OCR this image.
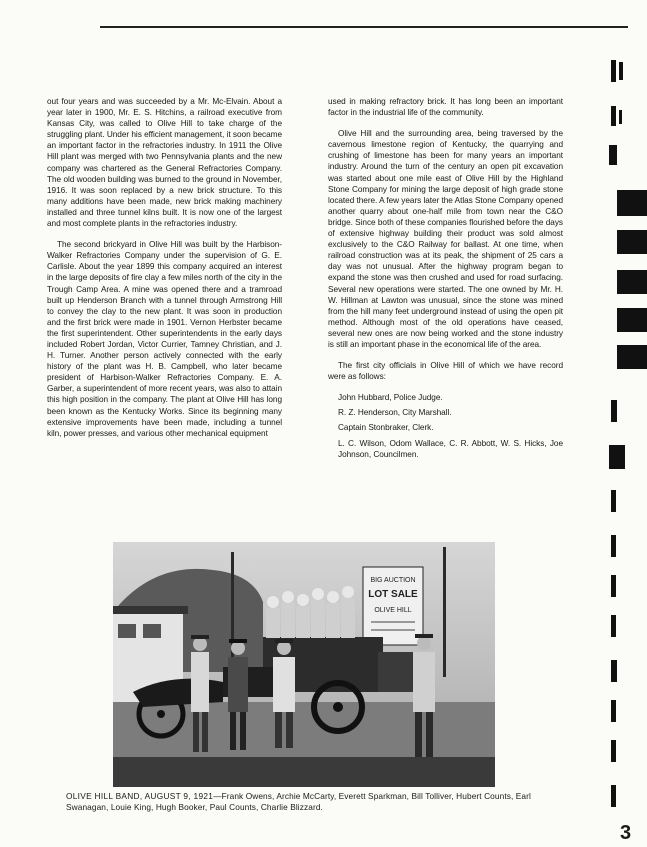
out four years and was succeeded by a Mr. Mc-Elvain. About a year later in 1900, Mr. E. S. Hitchins, a railroad executive from Kansas City, was called to Olive Hill to take charge of the struggling plant. Under his efficient management, it soon became an important factor in the refractories industry. In 1911 the Olive Hill plant was merged with two Pennsylvania plants and the new company was chartered as the General Refractories Company. The old wooden building was burned to the ground in November, 1916. It was soon replaced by a new brick structure. To this many additions have been made, new brick making machinery installed and three tunnel kilns built. It is now one of the largest and most complete plants in the refractories industry.

The second brickyard in Olive Hill was built by the Harbison-Walker Refractories Company under the supervision of G. E. Carlisle. About the year 1899 this company acquired an interest in the large deposits of fire clay a few miles north of the city in the Trough Camp Area. A mine was opened there and a tramroad built up Henderson Branch with a tunnel through Armstrong Hill to convey the clay to the new plant. It was soon in production and the first brick were made in 1901. Vernon Herbster became the first superintendent. Other superintendents in the early days included Robert Jordan, Victor Currier, Tamney Christian, and J. H. Turner. Another person actively connected with the early history of the plant was H. B. Campbell, who later became president of Harbison-Walker Refractories Company. E. A. Garber, a superintendent of more recent years, was also to attain this high position in the company. The plant at Olive Hill has long been known as the Kentucky Works. Since its beginning many extensive improvements have been made, including a tunnel kiln, power presses, and various other mechanical equipment

used in making refractory brick. It has long been an important factor in the industrial life of the community.

Olive Hill and the surrounding area, being traversed by the cavernous limestone region of Kentucky, the quarrying and crushing of limestone has been for many years an important industry. Around the turn of the century an open pit excavation was started about one mile east of Olive Hill by the Highland Stone Company for mining the large deposit of high grade stone located there. A few years later the Atlas Stone Company opened another quarry about one-half mile from town near the C&O bridge. Since both of these companies flourished before the days of extensive highway building their product was sold almost exclusively to the C&O Railway for ballast. At one time, when railroad construction was at its peak, the shipment of 25 cars a day was not unusual. After the highway program began to expand the stone was then crushed and used for road surfacing. Several new operations were started. The one owned by Mr. H. W. Hillman at Lawton was unusual, since the stone was mined from the hill many feet underground instead of using the open pit method. Although most of the old operations have ceased, several new ones are now being worked and the stone industry is still an important phase in the economical life of the area.

The first city officials in Olive Hill of which we have record were as follows:

John Hubbard, Police Judge.
R. Z. Henderson, City Marshall.
Captain Stonbraker, Clerk.
L. C. Wilson, Odom Wallace, C. R. Abbott, W. S. Hicks, Joe Johnson, Councilmen.
BIG AUCTION
LOT SALE
OLIVE HILL
OLIVE HILL BAND, AUGUST 9, 1921—Frank Owens, Archie McCarty, Everett Sparkman, Bill Tolliver, Hubert Counts, Earl Swanagan, Louie King, Hugh Booker, Paul Counts, Charlie Blizzard.
3
